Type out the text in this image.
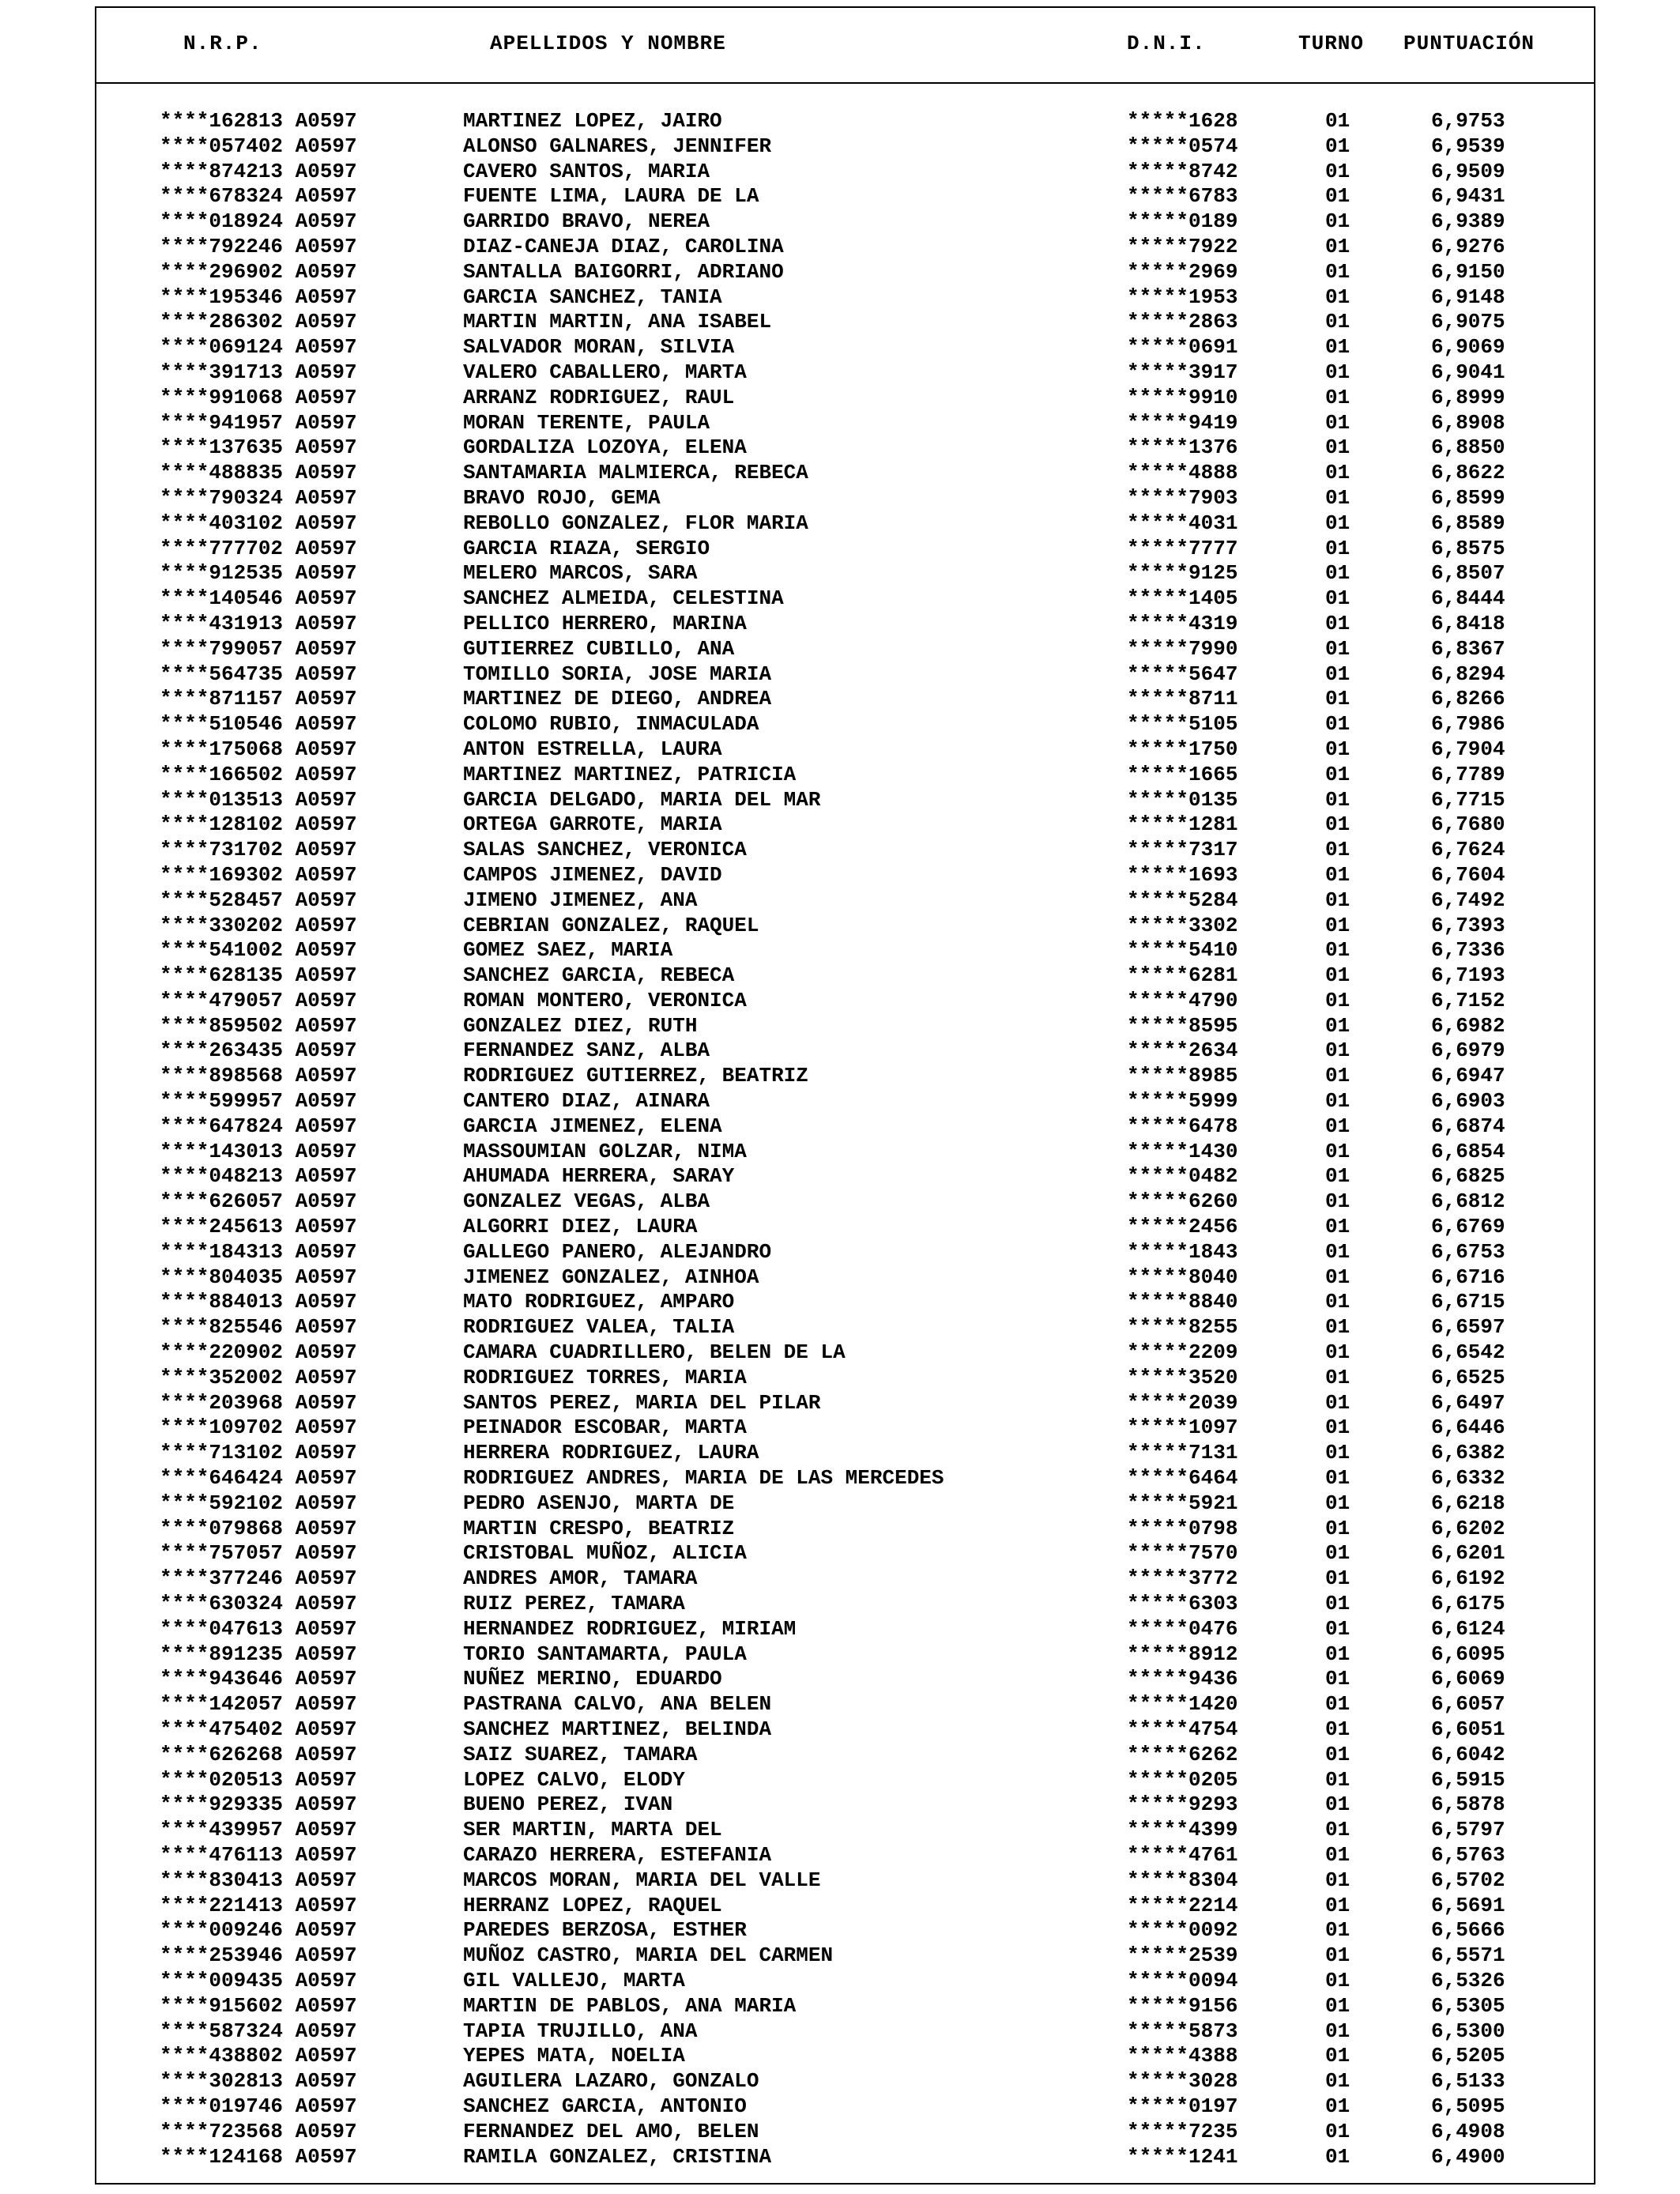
N.R.P.	APELLIDOS Y NOMBRE	D.N.I.	TURNO PUNTUACIÓN
****162813 A0597	MARTINEZ LOPEZ, JAIRO	*****1628	01	6,9753
****057402 A0597	ALONSO GALNARES, JENNIFER	*****0574	01	6,9539
****874213 A0597	CAVERO SANTOS, MARIA	*****8742	01	6,9509
****678324 A0597	FUENTE LIMA, LAURA DE LA	*****6783	01	6,9431
****018924 A0597	GARRIDO BRAVO, NEREA	*****0189	01	6,9389
****792246 A0597	DIAZ-CANEJA DIAZ, CAROLINA	*****7922	01	6,9276
****296902 A0597	SANTALLA BAIGORRI, ADRIANO	*****2969	01	6,9150
****195346 A0597	GARCIA SANCHEZ, TANIA	*****1953	01	6,9148
****286302 A0597	MARTIN MARTIN, ANA ISABEL	*****2863	01	6,9075
****069124 A0597	SALVADOR MORAN, SILVIA	*****0691	01	6,9069
****391713 A0597	VALERO CABALLERO, MARTA	*****3917	01	6,9041
****991068 A0597	ARRANZ RODRIGUEZ, RAUL	*****9910	01	6,8999
****941957 A0597	MORAN TERENTE, PAULA	*****9419	01	6,8908
****137635 A0597	GORDALIZA LOZOYA, ELENA	*****1376	01	6,8850
****488835 A0597	SANTAMARIA MALMIERCA, REBECA	*****4888	01	6,8622
****790324 A0597	BRAVO ROJO, GEMA	*****7903	01	6,8599
****403102 A0597	REBOLLO GONZALEZ, FLOR MARIA	*****4031	01	6,8589
****777702 A0597	GARCIA RIAZA, SERGIO	*****7777	01	6,8575
****912535 A0597	MELERO MARCOS, SARA	*****9125	01	6,8507
****140546 A0597	SANCHEZ ALMEIDA, CELESTINA	*****1405	01	6,8444
****431913 A0597	PELLICO HERRERO, MARINA	*****4319	01	6,8418
****799057 A0597	GUTIERREZ CUBILLO, ANA	*****7990	01	6,8367
****564735 A0597	TOMILLO SORIA, JOSE MARIA	*****5647	01	6,8294
****871157 A0597	MARTINEZ DE DIEGO, ANDREA	*****8711	01	6,8266
****510546 A0597	COLOMO RUBIO, INMACULADA	*****5105	01	6,7986
****175068 A0597	ANTON ESTRELLA, LAURA	*****1750	01	6,7904
****166502 A0597	MARTINEZ MARTINEZ, PATRICIA	*****1665	01	6,7789
****013513 A0597	GARCIA DELGADO, MARIA DEL MAR	*****0135	01	6,7715
****128102 A0597	ORTEGA GARROTE, MARIA	*****1281	01	6,7680
****731702 A0597	SALAS SANCHEZ, VERONICA	*****7317	01	6,7624
****169302 A0597	CAMPOS JIMENEZ, DAVID	*****1693	01	6,7604
****528457 A0597	JIMENO JIMENEZ, ANA	*****5284	01	6,7492
****330202 A0597	CEBRIAN GONZALEZ, RAQUEL	*****3302	01	6,7393
****541002 A0597	GOMEZ SAEZ, MARIA	*****5410	01	6,7336
****628135 A0597	SANCHEZ GARCIA, REBECA	*****6281	01	6,7193
****479057 A0597	ROMAN MONTERO, VERONICA	*****4790	01	6,7152
****859502 A0597	GONZALEZ DIEZ, RUTH	*****8595	01	6,6982
****263435 A0597	FERNANDEZ SANZ, ALBA	*****2634	01	6,6979
****898568 A0597	RODRIGUEZ GUTIERREZ, BEATRIZ	*****8985	01	6,6947
****599957 A0597	CANTERO DIAZ, AINARA	*****5999	01	6,6903
****647824 A0597	GARCIA JIMENEZ, ELENA	*****6478	01	6,6874
****143013 A0597	MASSOUMIAN GOLZAR, NIMA	*****1430	01	6,6854
****048213 A0597	AHUMADA HERRERA, SARAY	*****0482	01	6,6825
****626057 A0597	GONZALEZ VEGAS, ALBA	*****6260	01	6,6812
****245613 A0597	ALGORRI DIEZ, LAURA	*****2456	01	6,6769
****184313 A0597	GALLEGO PANERO, ALEJANDRO	*****1843	01	6,6753
****804035 A0597	JIMENEZ GONZALEZ, AINHOA	*****8040	01	6,6716
****884013 A0597	MATO RODRIGUEZ, AMPARO	*****8840	01	6,6715
****825546 A0597	RODRIGUEZ VALEA, TALIA	*****8255	01	6,6597
****220902 A0597	CAMARA CUADRILLERO, BELEN DE LA	*****2209	01	6,6542
****352002 A0597	RODRIGUEZ TORRES, MARIA	*****3520	01	6,6525
****203968 A0597	SANTOS PEREZ, MARIA DEL PILAR	*****2039	01	6,6497
****109702 A0597	PEINADOR ESCOBAR, MARTA	*****1097	01	6,6446
****713102 A0597	HERRERA RODRIGUEZ, LAURA	*****7131	01	6,6382
****646424 A0597	RODRIGUEZ ANDRES, MARIA DE LAS MERCEDES	*****6464	01	6,6332
****592102 A0597	PEDRO ASENJO, MARTA DE	*****5921	01	6,6218
****079868 A0597	MARTIN CRESPO, BEATRIZ	*****0798	01	6,6202
****757057 A0597	CRISTOBAL MUÑOZ, ALICIA	*****7570	01	6,6201
****377246 A0597	ANDRES AMOR, TAMARA	*****3772	01	6,6192
****630324 A0597	RUIZ PEREZ, TAMARA	*****6303	01	6,6175
****047613 A0597	HERNANDEZ RODRIGUEZ, MIRIAM	*****0476	01	6,6124
****891235 A0597	TORIO SANTAMARTA, PAULA	*****8912	01	6,6095
****943646 A0597	NUÑEZ MERINO, EDUARDO	*****9436	01	6,6069
****142057 A0597	PASTRANA CALVO, ANA BELEN	*****1420	01	6,6057
****475402 A0597	SANCHEZ MARTINEZ, BELINDA	*****4754	01	6,6051
****626268 A0597	SAIZ SUAREZ, TAMARA	*****6262	01	6,6042
****020513 A0597	LOPEZ CALVO, ELODY	*****0205	01	6,5915
****929335 A0597	BUENO PEREZ, IVAN	*****9293	01	6,5878
****439957 A0597	SER MARTIN, MARTA DEL	*****4399	01	6,5797
****476113 A0597	CARAZO HERRERA, ESTEFANIA	*****4761	01	6,5763
****830413 A0597	MARCOS MORAN, MARIA DEL VALLE	*****8304	01	6,5702
****221413 A0597	HERRANZ LOPEZ, RAQUEL	*****2214	01	6,5691
****009246 A0597	PAREDES BERZOSA, ESTHER	*****0092	01	6,5666
****253946 A0597	MUÑOZ CASTRO, MARIA DEL CARMEN	*****2539	01	6,5571
****009435 A0597	GIL VALLEJO, MARTA	*****0094	01	6,5326
****915602 A0597	MARTIN DE PABLOS, ANA MARIA	*****9156	01	6,5305
****587324 A0597	TAPIA TRUJILLO, ANA	*****5873	01	6,5300
****438802 A0597	YEPES MATA, NOELIA	*****4388	01	6,5205
****302813 A0597	AGUILERA LAZARO, GONZALO	*****3028	01	6,5133
****019746 A0597	SANCHEZ GARCIA, ANTONIO	*****0197	01	6,5095
****723568 A0597	FERNANDEZ DEL AMO, BELEN	*****7235	01	6,4908
****124168 A0597	RAMILA GONZALEZ, CRISTINA	*****1241	01	6,4900
